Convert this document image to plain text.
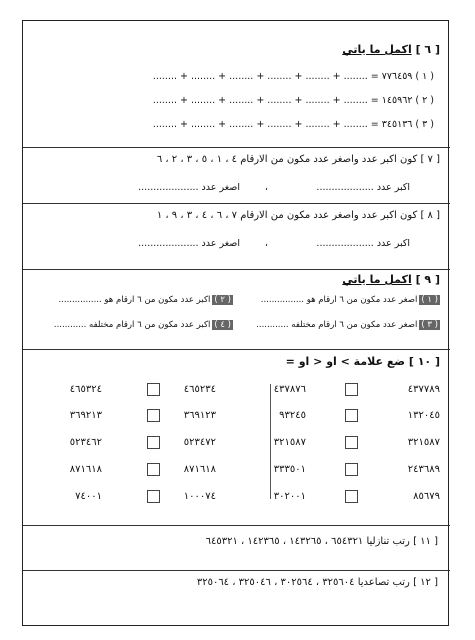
[ ٦ ] اكمل ما ياتي
( ١ ) ٧٧٦٤٥٩ = ........ + ........ + ........ + ........ + ........ + ........
( ٢ ) ١٤٥٩٦٢ = ........ + ........ + ........ + ........ + ........ + ........
( ٣ ) ٣٤٥١٣٦ = ........ + ........ + ........ + ........ + ........ + ........
[ ٧ ] كون اكبر عدد واصغر عدد مكون من الارقام ٤ ، ١ ، ٥ ، ٣ ، ٢ ، ٦
اكبر عدد ...................
،
اصغر عدد ....................
[ ٨ ] كون اكبر عدد واصغر عدد مكون من الارقام ٧ ، ٦ ، ٤ ، ٣ ، ٩ ، ١
اكبر عدد ...................
،
اصغر عدد ....................
[ ٩ ] اكمل ما ياتي
( ١ )اصغر عدد مكون من ٦ ارقام هو ................
( ٢ )اكبر عدد مكون من ٦ ارقام هو ................
( ٣ )اصغر عدد مكون من ٦ ارقام مختلفه ............
( ٤ )اكبر عدد مكون من ٦ ارقام مختلفه ............
[ ١٠ ] ضع علامة > او < او =
[ ١١ ] رتب تنازليا ٦٥٤٣٢١ ، ١٤٣٢٦٥ ، ١٤٢٣٦٥ ، ٦٤٥٣٢١
[ ١٢ ] رتب تصاعديا ٣٢٥٦٠٤ ، ٣٠٢٥٦٤ ، ٣٢٥٠٤٦ ، ٣٢٥٠٦٤
٤٣٧٧٨٩
٤٣٧٨٧٦
١٣٢٠٤٥
٩٣٢٤٥
٣٢١٥٨٧
٣٢١٥٨٧
٢٤٣٦٨٩
٣٣٣٥٠١
٨٥٦٧٩
٣٠٢٠٠١
٤٦٥٢٣٤
٤٦٥٣٢٤
٣٦٩١٢٣
٣٦٩٢١٣
٥٢٣٤٧٢
٥٢٣٤٦٢
٨٧١٦١٨
٨٧١٦١٨
١٠٠٠٧٤
٧٤٠٠١
